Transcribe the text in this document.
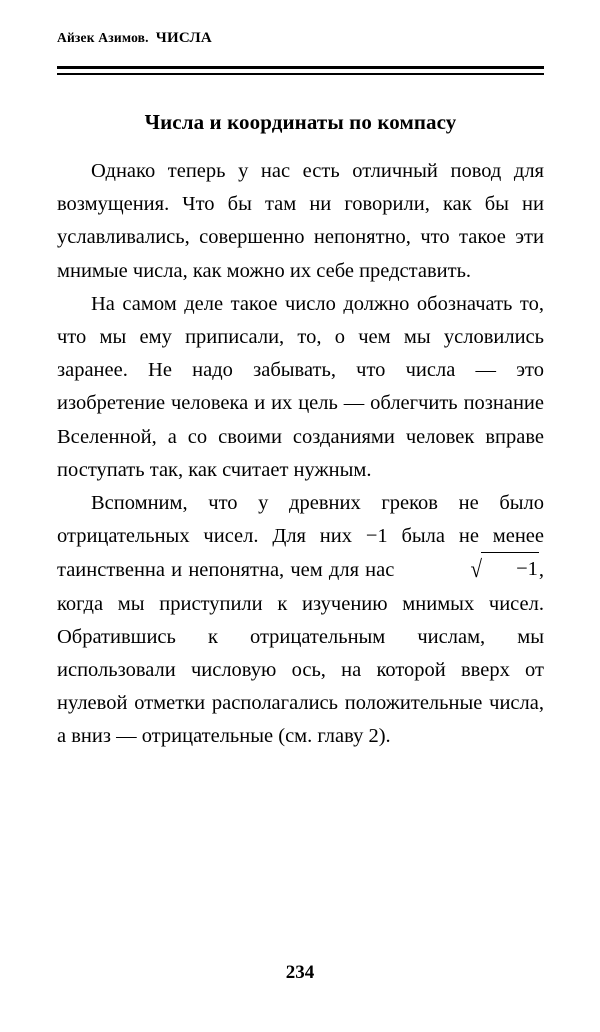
Айзек Азимов. ЧИСЛА
Числа и координаты по компасу

Однако теперь у нас есть отличный повод для возмущения. Что бы там ни говорили, как бы ни уславливались, совершенно непонятно, что такое эти мнимые числа, как можно их себе представить.

На самом деле такое число должно обозначать то, что мы ему приписали, то, о чем мы условились заранее. Не надо забывать, что числа — это изобретение человека и их цель — облегчить познание Вселенной, а со своими созданиями человек вправе поступать так, как считает нужным.

Вспомним, что у древних греков не было отрицательных чисел. Для них −1 была не менее таинственна и непонятна, чем для нас	√ −1, когда мы приступили к изучению мнимых чисел. Обратившись к отрицательным числам, мы использовали числовую ось, на которой вверх от нулевой отметки располагались положительные числа, а вниз — отрицательные (см. главу 2).

234
